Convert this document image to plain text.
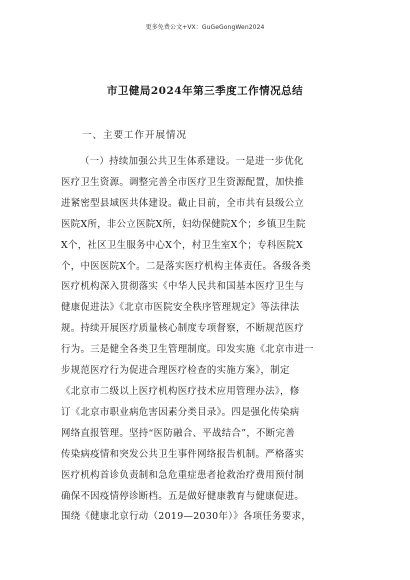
更多免费公文+VX：GuGeGongWen2024
市卫健局2024年第三季度工作情况总结
一、主要工作开展情况
（一）持续加强公共卫生体系建设。一是进一步优化
医疗卫生资源。调整完善全市医疗卫生资源配置，加快推
进紧密型县域医共体建设。截止目前，全市共有县级公立
医院X所，非公立医院X所，妇幼保健院X个；乡镇卫生院
X个，社区卫生服务中心X个，村卫生室X个；专科医院X
个，中医医院X个。二是落实医疗机构主体责任。各级各类
医疗机构深入贯彻落实《中华人民共和国基本医疗卫生与
健康促进法》《北京市医院安全秩序管理规定》等法律法
规。持续开展医疗质量核心制度专项督察，不断规范医疗
行为。三是健全各类卫生管理制度。印发实施《北京市进一
步规范医疗行为促进合理医疗检查的实施方案》，制定
《北京市二级以上医疗机构医疗技术应用管理办法》，修
订《北京市职业病危害因素分类目录》。四是强化传染病
网络直报管理。坚持“医防融合、平战结合”，不断完善
传染病疫情和突发公共卫生事件网络报告机制。严格落实
医疗机构首诊负责制和急危重症患者抢救治疗费用预付制
确保不因疫情停诊断档。五是做好健康教育与健康促进。
围绕《健康北京行动（2019—2030年）》各项任务要求，
